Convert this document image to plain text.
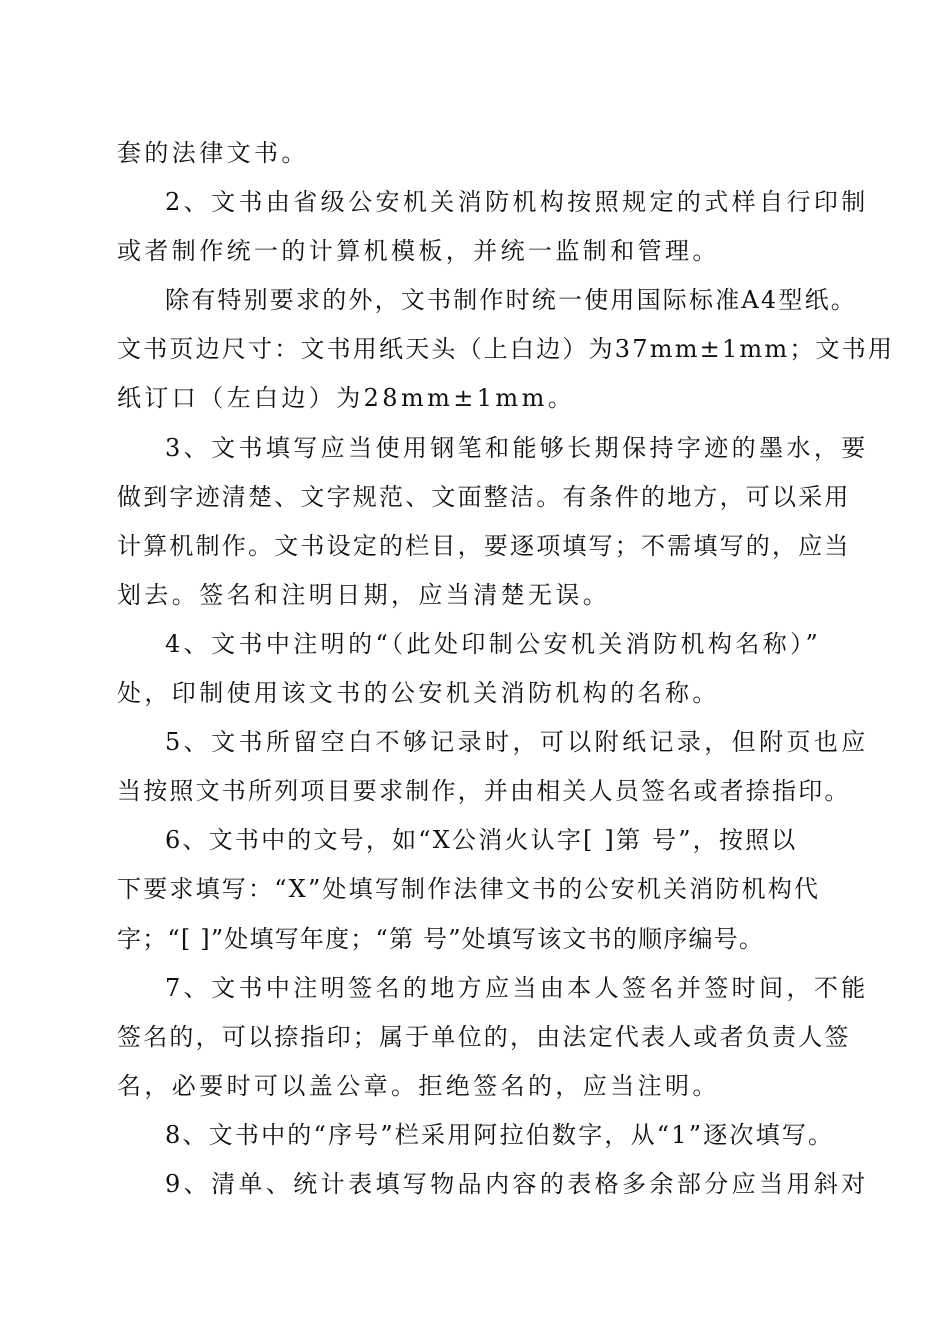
套的法律文书。
2、文书由省级公安机关消防机构按照规定的式样自行印制
或者制作统一的计算机模板，并统一监制和管理。
除有特别要求的外，文书制作时统一使用国际标准A4型纸。
文书页边尺寸：文书用纸天头（上白边）为37mm±1mm；文书用
纸订口（左白边）为28mm±1mm。
3、文书填写应当使用钢笔和能够长期保持字迹的墨水，要
做到字迹清楚、文字规范、文面整洁。有条件的地方，可以采用
计算机制作。文书设定的栏目，要逐项填写；不需填写的，应当
划去。签名和注明日期，应当清楚无误。
4、文书中注明的“（此处印制公安机关消防机构名称）”
处，印制使用该文书的公安机关消防机构的名称。
5、文书所留空白不够记录时，可以附纸记录，但附页也应
当按照文书所列项目要求制作，并由相关人员签名或者捺指印。
6、文书中的文号，如“X公消火认字[ ]第 号”，按照以
下要求填写：“X”处填写制作法律文书的公安机关消防机构代
字；“[ ]”处填写年度；“第 号”处填写该文书的顺序编号。
7、文书中注明签名的地方应当由本人签名并签时间，不能
签名的，可以捺指印；属于单位的，由法定代表人或者负责人签
名，必要时可以盖公章。拒绝签名的，应当注明。
8、文书中的“序号”栏采用阿拉伯数字，从“1”逐次填写。
9、清单、统计表填写物品内容的表格多余部分应当用斜对
